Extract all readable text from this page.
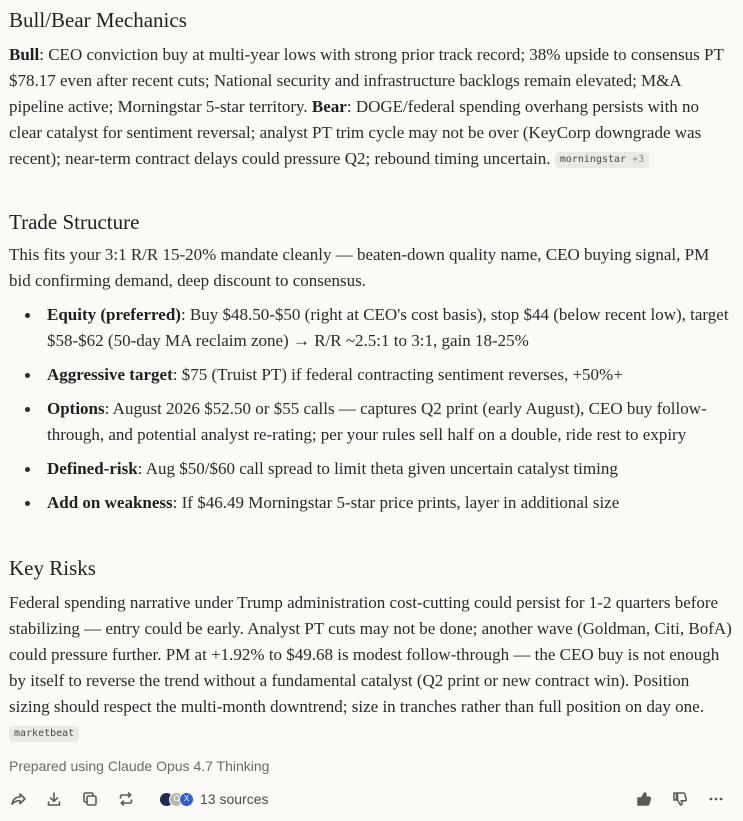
Bull/Bear Mechanics

Bull: CEO conviction buy at multi-year lows with strong prior track record; 38% upside to consensus PT $78.17 even after recent cuts; National security and infrastructure backlogs remain elevated; M&A pipeline active; Morningstar 5-star territory. Bear: DOGE/federal spending overhang persists with no clear catalyst for sentiment reversal; analyst PT trim cycle may not be over (KeyCorp downgrade was recent); near-term contract delays could pressure Q2; rebound timing uncertain. morningstar +3

Trade Structure

This fits your 3:1 R/R 15-20% mandate cleanly — beaten-down quality name, CEO buying signal, PM bid confirming demand, deep discount to consensus.

Equity (preferred): Buy $48.50-$50 (right at CEO's cost basis), stop $44 (below recent low), target $58-$62 (50-day MA reclaim zone) → R/R ~2.5:1 to 3:1, gain 18-25%
Aggressive target: $75 (Truist PT) if federal contracting sentiment reverses, +50%+
Options: August 2026 $52.50 or $55 calls — captures Q2 print (early August), CEO buy follow-through, and potential analyst re-rating; per your rules sell half on a double, ride rest to expiry
Defined-risk: Aug $50/$60 call spread to limit theta given uncertain catalyst timing
Add on weakness: If $46.49 Morningstar 5-star price prints, layer in additional size
Key Risks

Federal spending narrative under Trump administration cost-cutting could persist for 1-2 quarters before stabilizing — entry could be early. Analyst PT cuts may not be done; another wave (Goldman, Citi, BofA) could pressure further. PM at +1.92% to $49.68 is modest follow-through — the CEO buy is not enough by itself to reverse the trend without a fundamental catalyst (Q2 print or new contract win). Position sizing should respect the multi-month downtrend; size in tranches rather than full position on day one. marketbeat

Prepared using Claude Opus 4.7 Thinking
C X 13 sources
